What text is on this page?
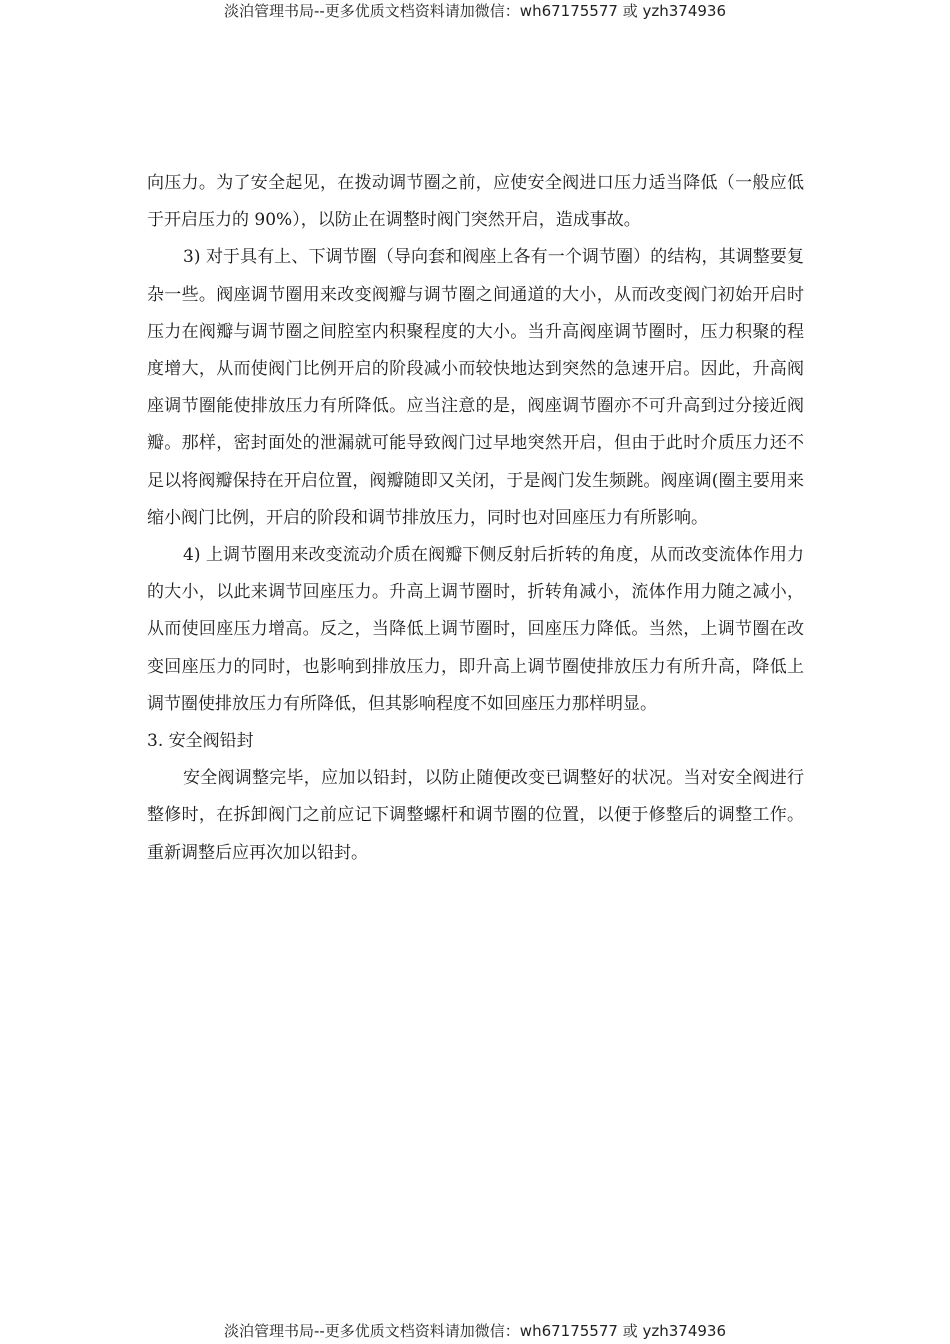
淡泊管理书局--更多优质文档资料请加微信：wh67175577 或 yzh374936

向压力。为了安全起见，在拨动调节圈之前，应使安全阀进口压力适当降低（一般应低于开启压力的 90%），以防止在调整时阀门突然开启，造成事故。

3) 对于具有上、下调节圈（导向套和阀座上各有一个调节圈）的结构，其调整要复杂一些。阀座调节圈用来改变阀瓣与调节圈之间通道的大小，从而改变阀门初始开启时压力在阀瓣与调节圈之间腔室内积聚程度的大小。当升高阀座调节圈时，压力积聚的程度增大，从而使阀门比例开启的阶段减小而较快地达到突然的急速开启。因此，升高阀座调节圈能使排放压力有所降低。应当注意的是，阀座调节圈亦不可升高到过分接近阀瓣。那样，密封面处的泄漏就可能导致阀门过早地突然开启，但由于此时介质压力还不足以将阀瓣保持在开启位置，阀瓣随即又关闭，于是阀门发生频跳。阀座调(圈主要用来缩小阀门比例，开启的阶段和调节排放压力，同时也对回座压力有所影响。

4) 上调节圈用来改变流动介质在阀瓣下侧反射后折转的角度，从而改变流体作用力的大小，以此来调节回座压力。升高上调节圈时，折转角减小，流体作用力随之减小，从而使回座压力增高。反之，当降低上调节圈时，回座压力降低。当然，上调节圈在改变回座压力的同时，也影响到排放压力，即升高上调节圈使排放压力有所升高，降低上调节圈使排放压力有所降低，但其影响程度不如回座压力那样明显。

3. 安全阀铅封

安全阀调整完毕，应加以铅封，以防止随便改变已调整好的状况。当对安全阀进行整修时，在拆卸阀门之前应记下调整螺杆和调节圈的位置，以便于修整后的调整工作。重新调整后应再次加以铅封。

淡泊管理书局--更多优质文档资料请加微信：wh67175577 或 yzh374936
